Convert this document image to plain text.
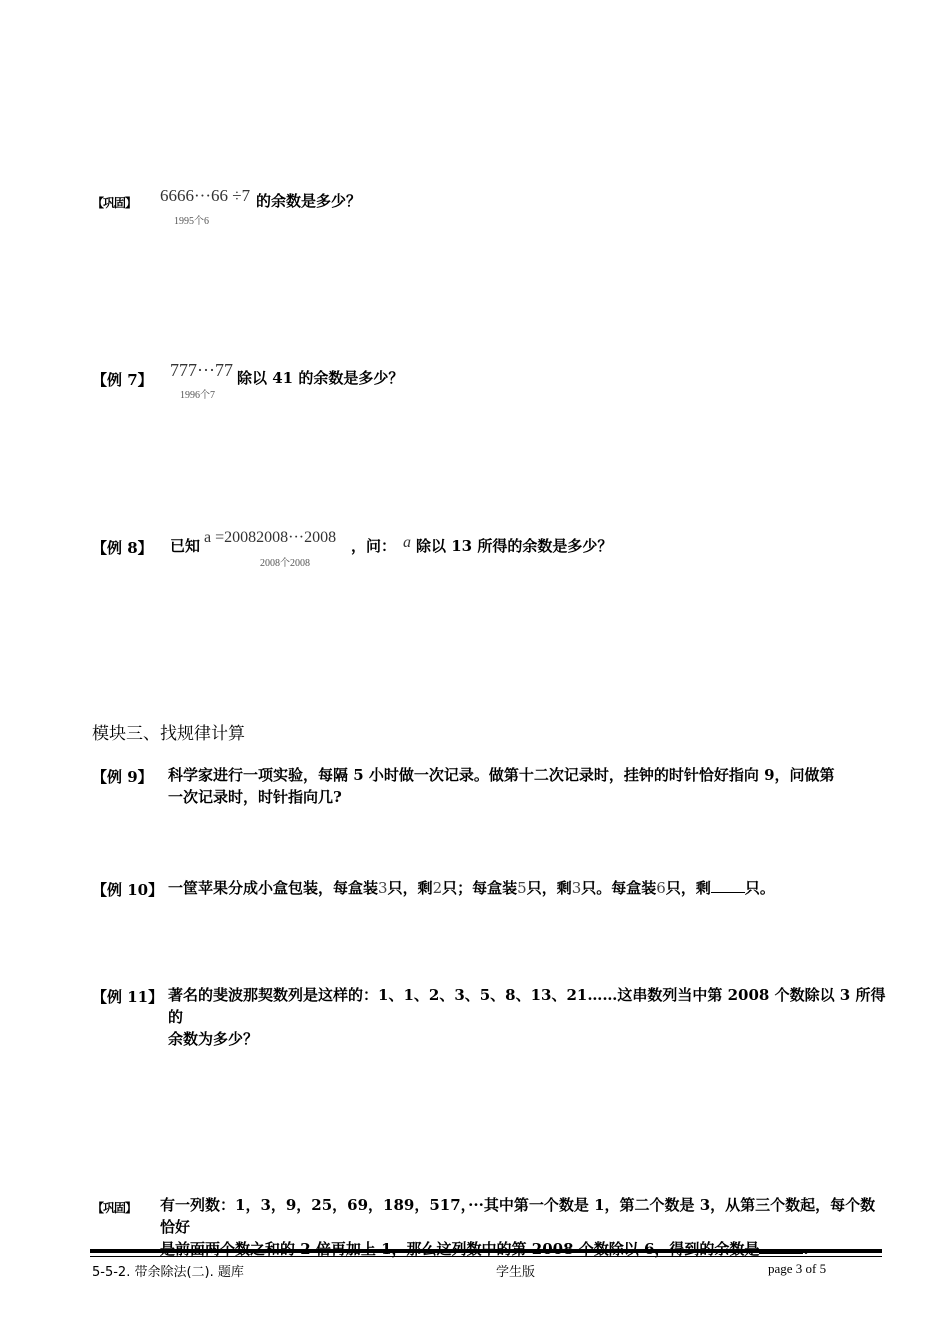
【巩固】 6666···66 ÷7
1995个6
的余数是多少？
【例 7】 777···77
1996个7
除以 41 的余数是多少？
【例 8】 已知 a =20082008···2008
2008个2008
，问： a 除以 13 所得的余数是多少？
模块三、找规律计算
【例 9】 科学家进行一项实验，每隔 5 小时做一次记录。做第十二次记录时，挂钟的时针恰好指向 9，问做第
一次记录时，时针指向几?
【例 10】 一筐苹果分成小盒包装，每盒装3只，剩2只；每盒装5只，剩3只。每盒装6只，剩 只。
【例 11】 著名的斐波那契数列是这样的：1、1、2、3、5、8、13、21……这串数列当中第 2008 个数除以 3 所得的
余数为多少？
【巩固】 有一列数：1，3，9，25，69，189，517，···其中第一个数是 1，第二个数是 3，从第三个数起，每个数恰好
5-5-2. 带余除法(二). 题库	学生版	page 3 of 5
